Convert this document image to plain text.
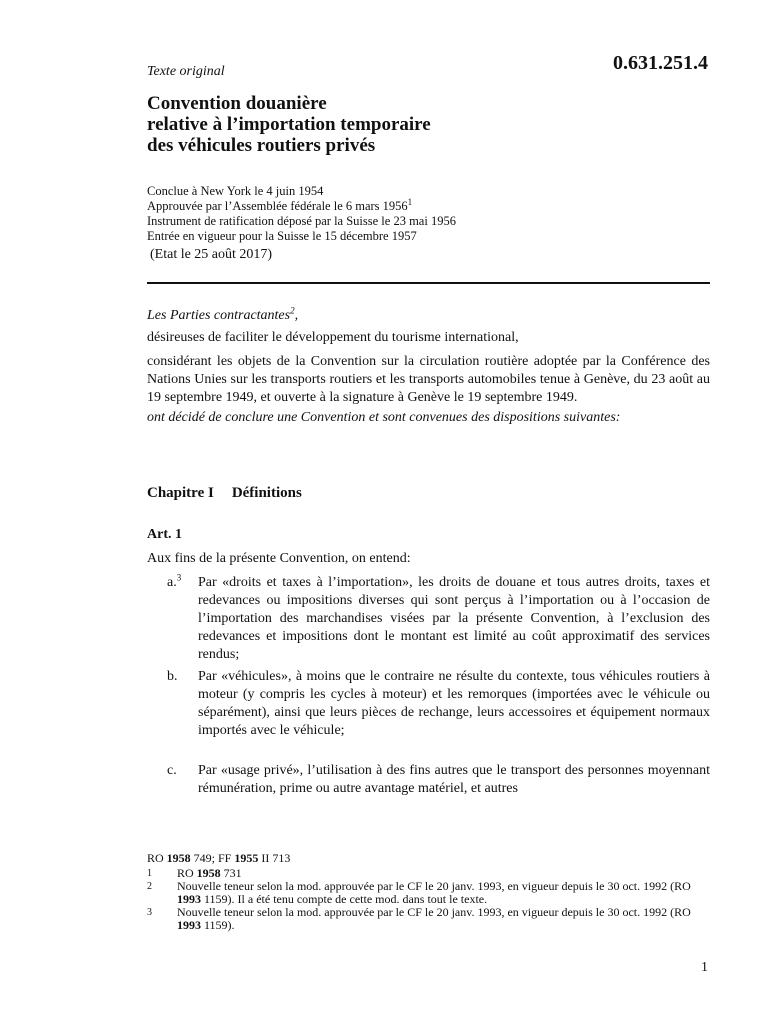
0.631.251.4
Texte original
Convention douanière
relative à l’importation temporaire
des véhicules routiers privés
Conclue à New York le 4 juin 1954
Approuvée par l’Assemblée fédérale le 6 mars 1956$^1$
Instrument de ratification déposé par la Suisse le 23 mai 1956
Entrée en vigueur pour la Suisse le 15 décembre 1957
(Etat le 25 août 2017)

Les Parties contractantes$^2$,

désireuses de faciliter le développement du tourisme international,

considérant les objets de la Convention sur la circulation routière adoptée par la Conférence des Nations Unies sur les transports routiers et les transports automobiles tenue à Genève, du 23 août au 19 septembre 1949, et ouverte à la signature à Genève le 19 septembre 1949.

ont décidé de conclure une Convention et sont convenues des dispositions suivantes:

Chapitre I Définitions
Art. 1

Aux fins de la présente Convention, on entend:

a.$^3$ Par «droits et taxes à l’importation», les droits de douane et tous autres droits, taxes et redevances ou impositions diverses qui sont perçus à l’importation ou à l’occasion de l’importation des marchandises visées par la présente Convention, à l’exclusion des redevances et impositions dont le montant est limité au coût approximatif des services rendus;
b. Par «véhicules», à moins que le contraire ne résulte du contexte, tous véhicules routiers à moteur (y compris les cycles à moteur) et les remorques (importées avec le véhicule ou séparément), ainsi que leurs pièces de rechange, leurs accessoires et équipement normaux importés avec le véhicule;
c. Par «usage privé», l’utilisation à des fins autres que le transport des personnes moyennant rémunération, prime ou autre avantage matériel, et autres
RO 1958 749; FF 1955 II 713

1 RO 1958 731

2 Nouvelle teneur selon la mod. approuvée par le CF le 20 janv. 1993, en vigueur depuis le 30 oct. 1992 (RO 1993 1159). Il a été tenu compte de cette mod. dans tout le texte.

3 Nouvelle teneur selon la mod. approuvée par le CF le 20 janv. 1993, en vigueur depuis le 30 oct. 1992 (RO 1993 1159).

1
